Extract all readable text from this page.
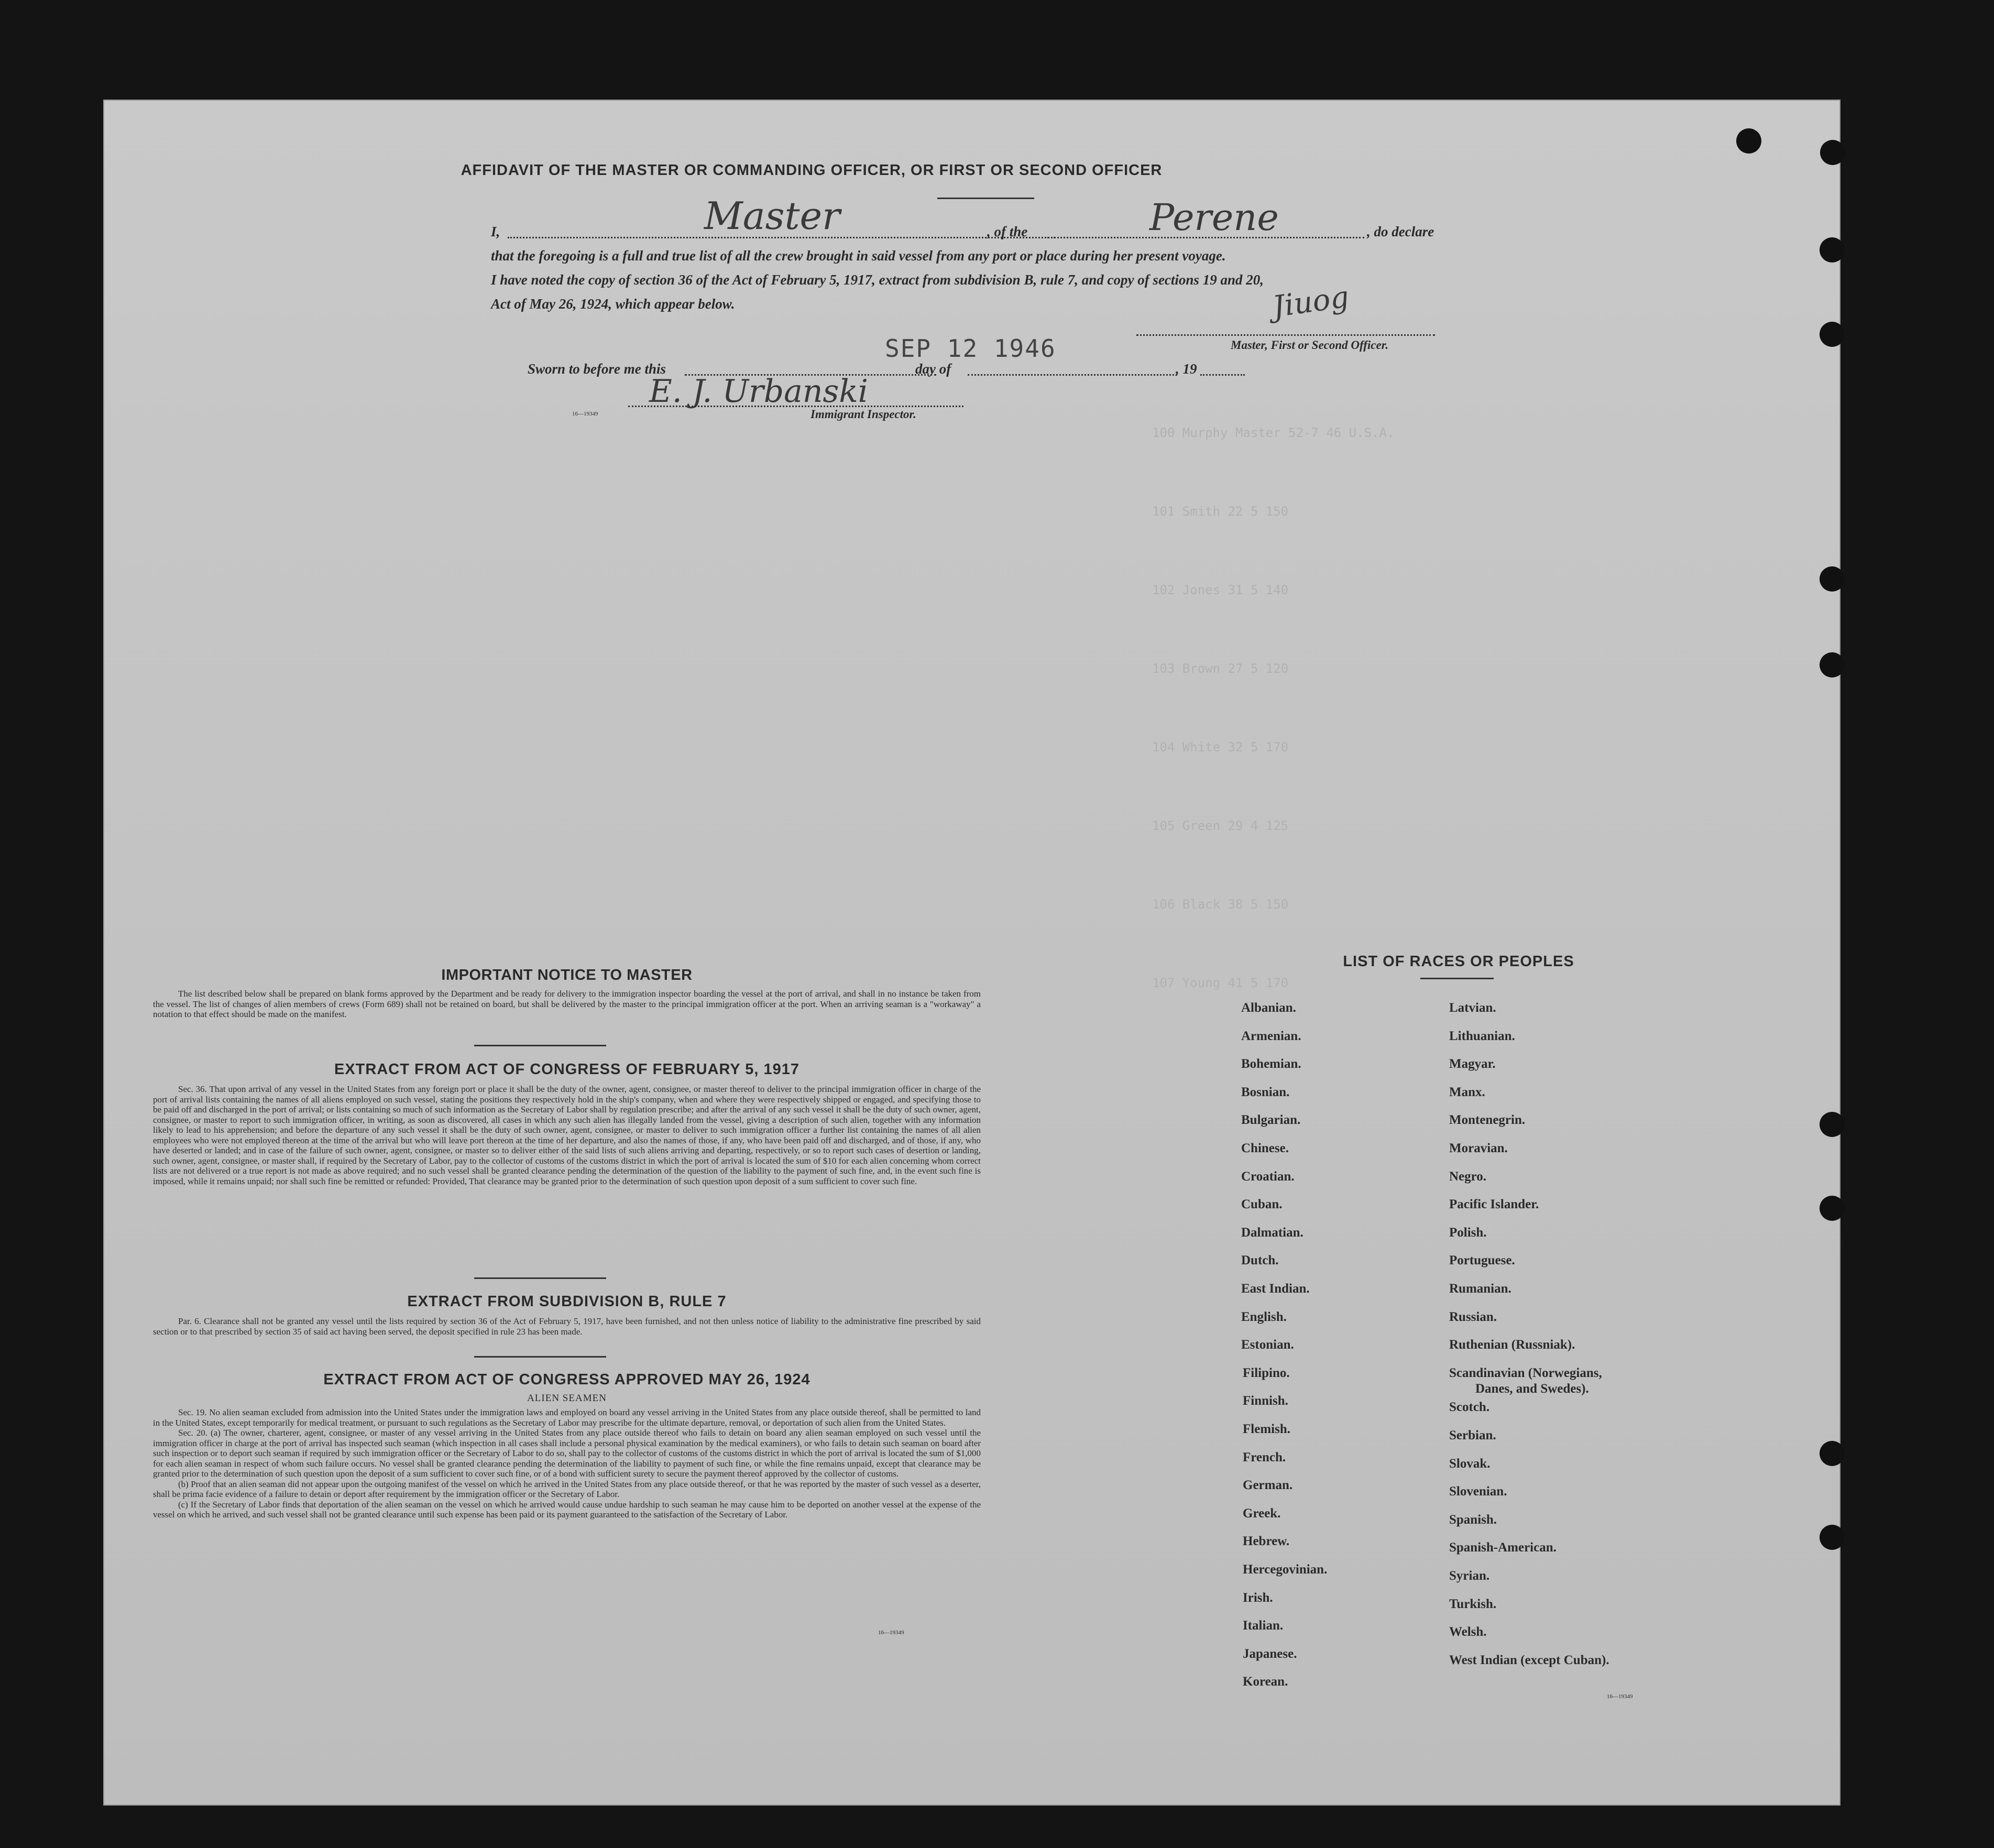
100 Murphy Master 52-7 46 U.S.A.
101 Smith 22 5 150
102 Jones 31 5 140
103 Brown 27 5 120
104 White 32 5 170
105 Green 29 4 125
106 Black 38 5 150
107 Young 41 5 170
AFFIDAVIT OF THE MASTER OR COMMANDING OFFICER, OR FIRST OR SECOND OFFICER
I,	Master	, of the	Perene	, do declare
that the foregoing is a full and true list of all the crew brought in said vessel from any port or place during her present voyage.
I have noted the copy of section 36 of the Act of February 5, 1917, extract from subdivision B, rule 7, and copy of sections 19 and 20,
Act of May 26, 1924, which appear below.	Jiuog
Master, First or Second Officer.
SEP 12 1946
Sworn to before me this	day of	, 19
E. J. Urbanski
16—19349	Immigrant Inspector.
IMPORTANT NOTICE TO MASTER
The list described below shall be prepared on blank forms approved by the Department and be ready for delivery to the immigration inspector boarding the vessel at the port of arrival, and shall in no instance be taken from the vessel. The list of changes of alien members of crews (Form 689) shall not be retained on board, but shall be delivered by the master to the principal immigration officer at the port. When an arriving seaman is a "workaway" a notation to that effect should be made on the manifest.
EXTRACT FROM ACT OF CONGRESS OF FEBRUARY 5, 1917
Sec. 36. That upon arrival of any vessel in the United States from any foreign port or place it shall be the duty of the owner, agent, consignee, or master thereof to deliver to the principal immigration officer in charge of the port of arrival lists containing the names of all aliens employed on such vessel, stating the positions they respectively hold in the ship's company, when and where they were respectively shipped or engaged, and specifying those to be paid off and discharged in the port of arrival; or lists containing so much of such information as the Secretary of Labor shall by regulation prescribe; and after the arrival of any such vessel it shall be the duty of such owner, agent, consignee, or master to report to such immigration officer, in writing, as soon as discovered, all cases in which any such alien has illegally landed from the vessel, giving a description of such alien, together with any information likely to lead to his apprehension; and before the departure of any such vessel it shall be the duty of such owner, agent, consignee, or master to deliver to such immigration officer a further list containing the names of all alien employees who were not employed thereon at the time of the arrival but who will leave port thereon at the time of her departure, and also the names of those, if any, who have been paid off and discharged, and of those, if any, who have deserted or landed; and in case of the failure of such owner, agent, consignee, or master so to deliver either of the said lists of such aliens arriving and departing, respectively, or so to report such cases of desertion or landing, such owner, agent, consignee, or master shall, if required by the Secretary of Labor, pay to the collector of customs of the customs district in which the port of arrival is located the sum of $10 for each alien concerning whom correct lists are not delivered or a true report is not made as above required; and no such vessel shall be granted clearance pending the determination of the question of the liability to the payment of such fine, and, in the event such fine is imposed, while it remains unpaid; nor shall such fine be remitted or refunded: Provided, That clearance may be granted prior to the determination of such question upon deposit of a sum sufficient to cover such fine.
EXTRACT FROM SUBDIVISION B, RULE 7
Par. 6. Clearance shall not be granted any vessel until the lists required by section 36 of the Act of February 5, 1917, have been furnished, and not then unless notice of liability to the administrative fine prescribed by said section or to that prescribed by section 35 of said act having been served, the deposit specified in rule 23 has been made.
EXTRACT FROM ACT OF CONGRESS APPROVED MAY 26, 1924
ALIEN SEAMEN
Sec. 19. No alien seaman excluded from admission into the United States under the immigration laws and employed on board any vessel arriving in the United States from any place outside thereof, shall be permitted to land in the United States, except temporarily for medical treatment, or pursuant to such regulations as the Secretary of Labor may prescribe for the ultimate departure, removal, or deportation of such alien from the United States.
Sec. 20. (a) The owner, charterer, agent, consignee, or master of any vessel arriving in the United States from any place outside thereof who fails to detain on board any alien seaman employed on such vessel until the immigration officer in charge at the port of arrival has inspected such seaman (which inspection in all cases shall include a personal physical examination by the medical examiners), or who fails to detain such seaman on board after such inspection or to deport such seaman if required by such immigration officer or the Secretary of Labor to do so, shall pay to the collector of customs of the customs district in which the port of arrival is located the sum of $1,000 for each alien seaman in respect of whom such failure occurs. No vessel shall be granted clearance pending the determination of the liability to payment of such fine, or while the fine remains unpaid, except that clearance may be granted prior to the determination of such question upon the deposit of a sum sufficient to cover such fine, or of a bond with sufficient surety to secure the payment thereof approved by the collector of customs.
(b) Proof that an alien seaman did not appear upon the outgoing manifest of the vessel on which he arrived in the United States from any place outside thereof, or that he was reported by the master of such vessel as a deserter, shall be prima facie evidence of a failure to detain or deport after requirement by the immigration officer or the Secretary of Labor.
(c) If the Secretary of Labor finds that deportation of the alien seaman on the vessel on which he arrived would cause undue hardship to such seaman he may cause him to be deported on another vessel at the expense of the vessel on which he arrived, and such vessel shall not be granted clearance until such expense has been paid or its payment guaranteed to the satisfaction of the Secretary of Labor.
16—19349
LIST OF RACES OR PEOPLES
Albanian.
Armenian.
Bohemian.
Bosnian.
Bulgarian.
Chinese.
Croatian.
Cuban.
Dalmatian.
Dutch.
East Indian.
English.
Estonian.
Filipino.
Finnish.
Flemish.
French.
German.
Greek.
Hebrew.
Hercegovinian.
Irish.
Italian.
Japanese.
Korean.
Latvian.
Lithuanian.
Magyar.
Manx.
Montenegrin.
Moravian.
Negro.
Pacific Islander.
Polish.
Portuguese.
Rumanian.
Russian.
Ruthenian (Russniak).
Scandinavian (Norwegians,
Danes, and Swedes).
Scotch.
Serbian.
Slovak.
Slovenian.
Spanish.
Spanish-American.
Syrian.
Turkish.
Welsh.
West Indian (except Cuban).
16—19349
